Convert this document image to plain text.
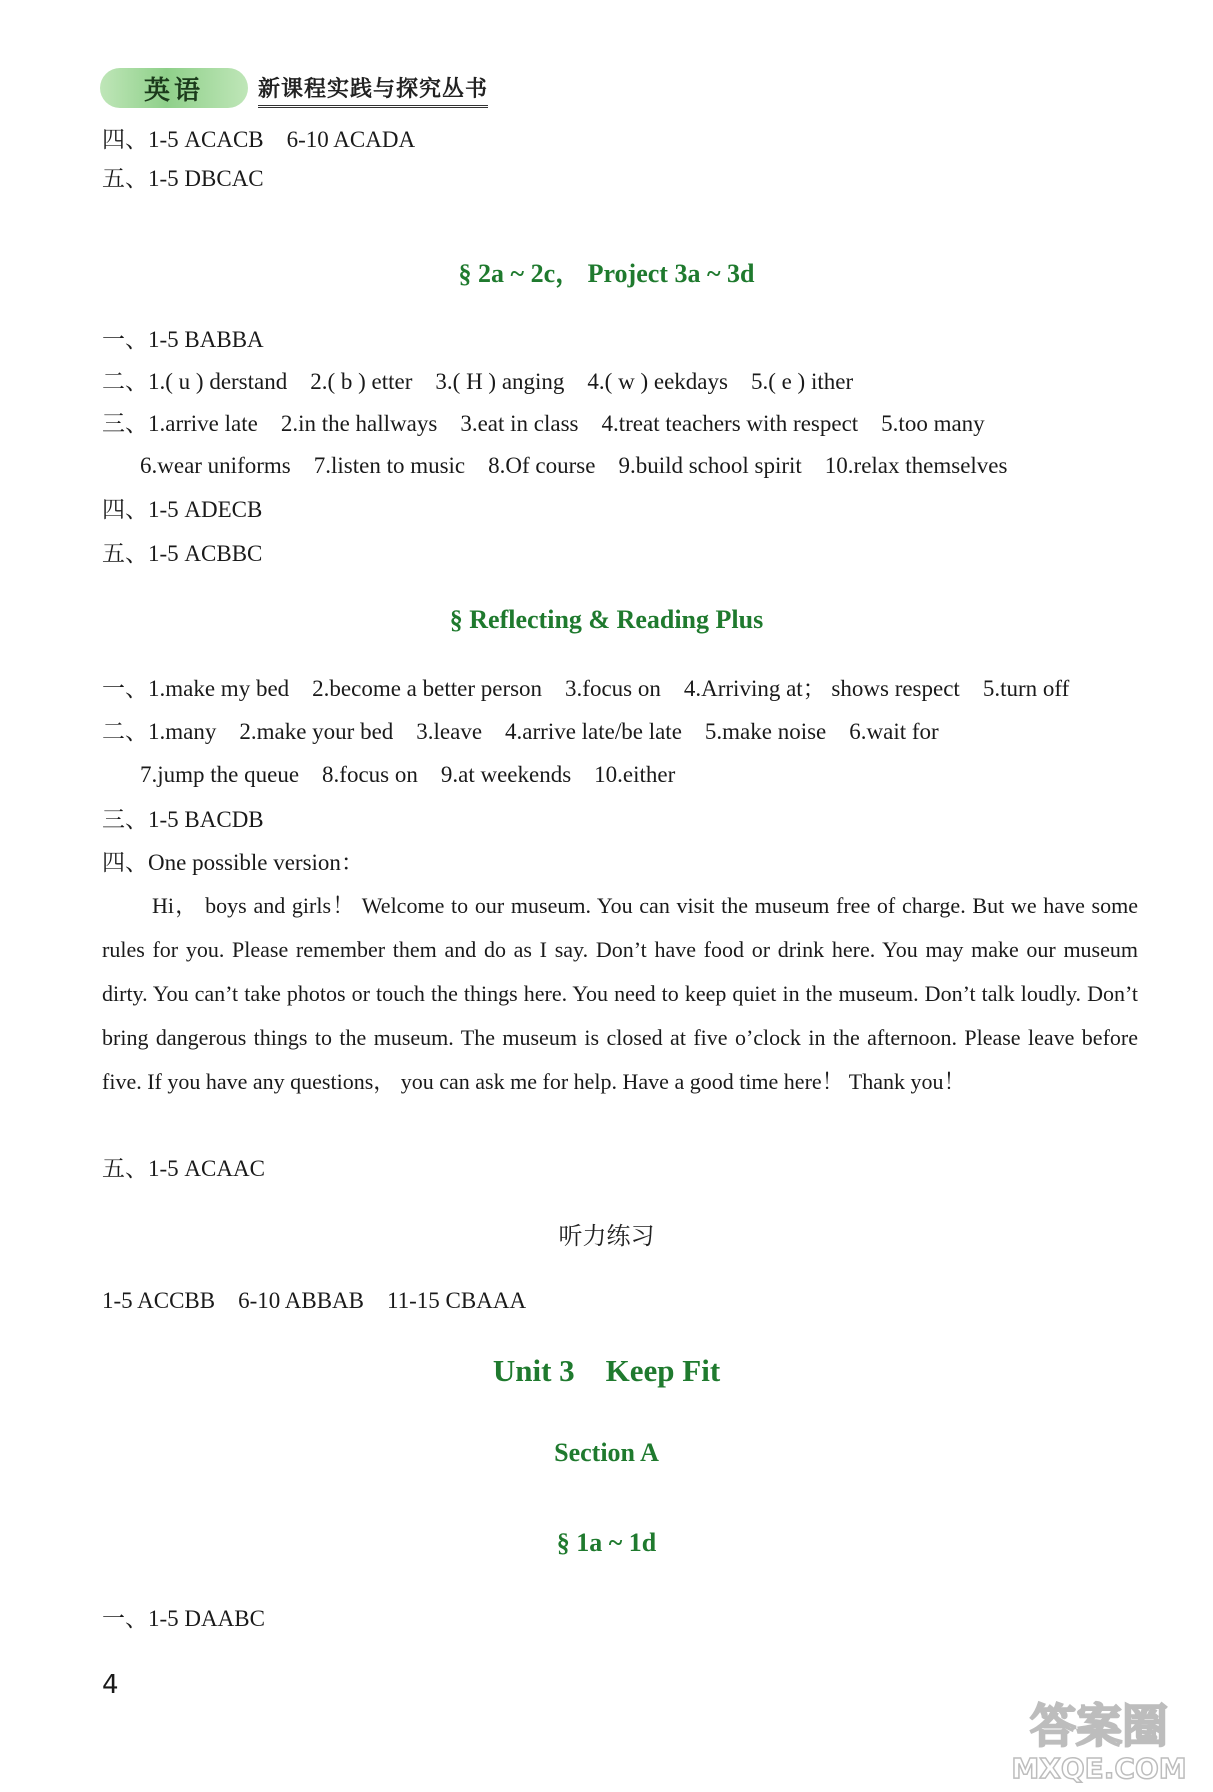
英语	新课程实践与探究丛书
四、1-5 ACACB　6-10 ACADA
五、1-5 DBCAC
§ 2a ~ 2c， Project 3a ~ 3d
一、1-5 BABBA
二、1.( u ) derstand　2.( b ) etter　3.( H ) anging　4.( w ) eekdays　5.( e ) ither
三、1.arrive late　2.in the hallways　3.eat in class　4.treat teachers with respect　5.too many
6.wear uniforms　7.listen to music　8.Of course　9.build school spirit　10.relax themselves
四、1-5 ADECB
五、1-5 ACBBC
§ Reflecting & Reading Plus
一、1.make my bed　2.become a better person　3.focus on　4.Arriving at； shows respect　5.turn off
二、1.many　2.make your bed　3.leave　4.arrive late/be late　5.make noise　6.wait for
7.jump the queue　8.focus on　9.at weekends　10.either
三、1-5 BACDB
四、One possible version：
Hi， boys and girls！ Welcome to our museum. You can visit the museum free of charge. But we have some rules for you. Please remember them and do as I say. Don’t have food or drink here. You may make our museum dirty. You can’t take photos or touch the things here. You need to keep quiet in the museum. Don’t talk loudly. Don’t bring dangerous things to the museum. The museum is closed at five o’clock in the afternoon. Please leave before five. If you have any questions， you can ask me for help. Have a good time here！ Thank you！
五、1-5 ACAAC
听力练习
1-5 ACCBB　6-10 ABBAB　11-15 CBAAA
Unit 3　Keep Fit
Section A
§ 1a ~ 1d
一、1-5 DAABC
4
答案圈
MXQE.COM
